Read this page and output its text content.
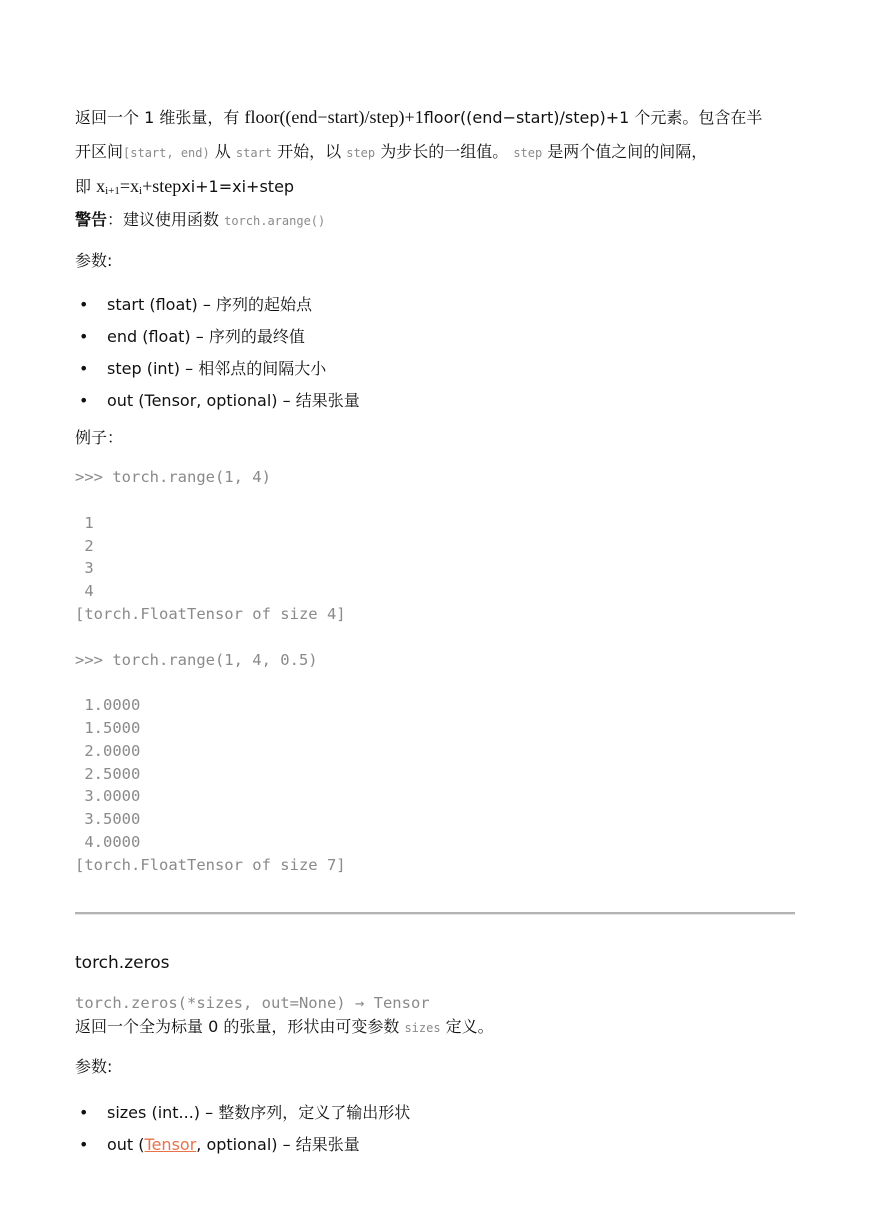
返回一个 1 维张量，有 floor((end−start)/step)+1floor((end−start)/step)+1 个元素。包含在半
开区间[start, end) 从 start 开始，以 step 为步长的一组值。 step 是两个值之间的间隔，
即 $x_{i+1}=x_i+stepxi+1=xi+step$
警告：建议使用函数 torch.arange()
参数:
• start (float) – 序列的起始点
• end (float) – 序列的最终值
• step (int) – 相邻点的间隔大小
• out (Tensor, optional) – 结果张量
例子：
>>> torch.range(1, 4)
1
2
3
4
[torch.FloatTensor of size 4]
>>> torch.range(1, 4, 0.5)
1.0000
1.5000
2.0000
2.5000
3.0000
3.5000
4.0000
[torch.FloatTensor of size 7]
torch.zeros
torch.zeros(*sizes, out=None) → Tensor
返回一个全为标量 0 的张量，形状由可变参数 sizes 定义。
参数:
• sizes (int...) – 整数序列，定义了输出形状
• out (Tensor, optional) – 结果张量
